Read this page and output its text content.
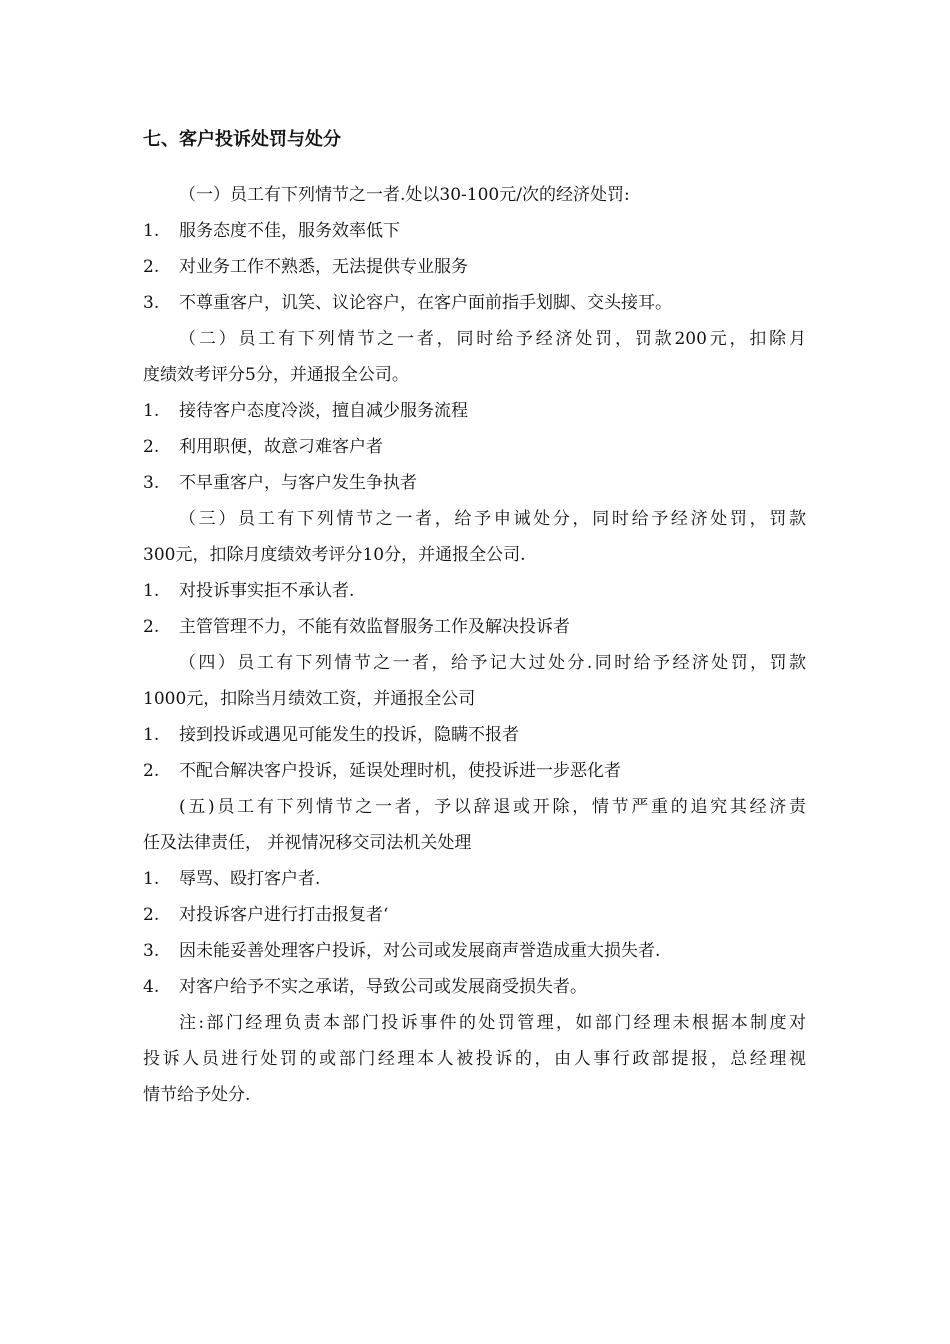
七、客户投诉处罚与处分
（一）员工有下列情节之一者.处以30-100元/次的经济处罚:
1. 服务态度不佳，服务效率低下
2. 对业务工作不熟悉，无法提供专业服务
3. 不尊重客户，讥笑、议论容户，在客户面前指手划脚、交头接耳。
（二）员工有下列情节之一者，同时给予经济处罚，罚款200元，扣除月
度绩效考评分5分，并通报全公司。
1. 接待客户态度冷淡，擅自减少服务流程
2. 利用职便，故意刁难客户者
3. 不早重客户，与客户发生争执者
（三）员工有下列情节之一者，给予申诫处分，同时给予经济处罚，罚款
300元，扣除月度绩效考评分10分，并通报全公司.
1. 对投诉事实拒不承认者.
2. 主管管理不力，不能有效监督服务工作及解决投诉者
（四）员工有下列情节之一者，给予记大过处分.同时给予经济处罚，罚款
1000元，扣除当月绩效工资，并通报全公司
1. 接到投诉或遇见可能发生的投诉，隐瞒不报者
2. 不配合解决客户投诉，延误处理时机，使投诉进一步恶化者
(五)员工有下列情节之一者，予以辞退或开除，情节严重的追究其经济责
任及法律责任， 并视情况移交司法机关处理
1. 辱骂、殴打客户者.
2. 对投诉客户进行打击报复者‘
3. 因未能妥善处理客户投诉，对公司或发展商声誉造成重大损失者.
4. 对客户给予不实之承诺，导致公司或发展商受损失者。
注:部门经理负责本部门投诉事件的处罚管理，如部门经理未根据本制度对
投诉人员进行处罚的或部门经理本人被投诉的，由人事行政部提报，总经理视
情节给予处分.
